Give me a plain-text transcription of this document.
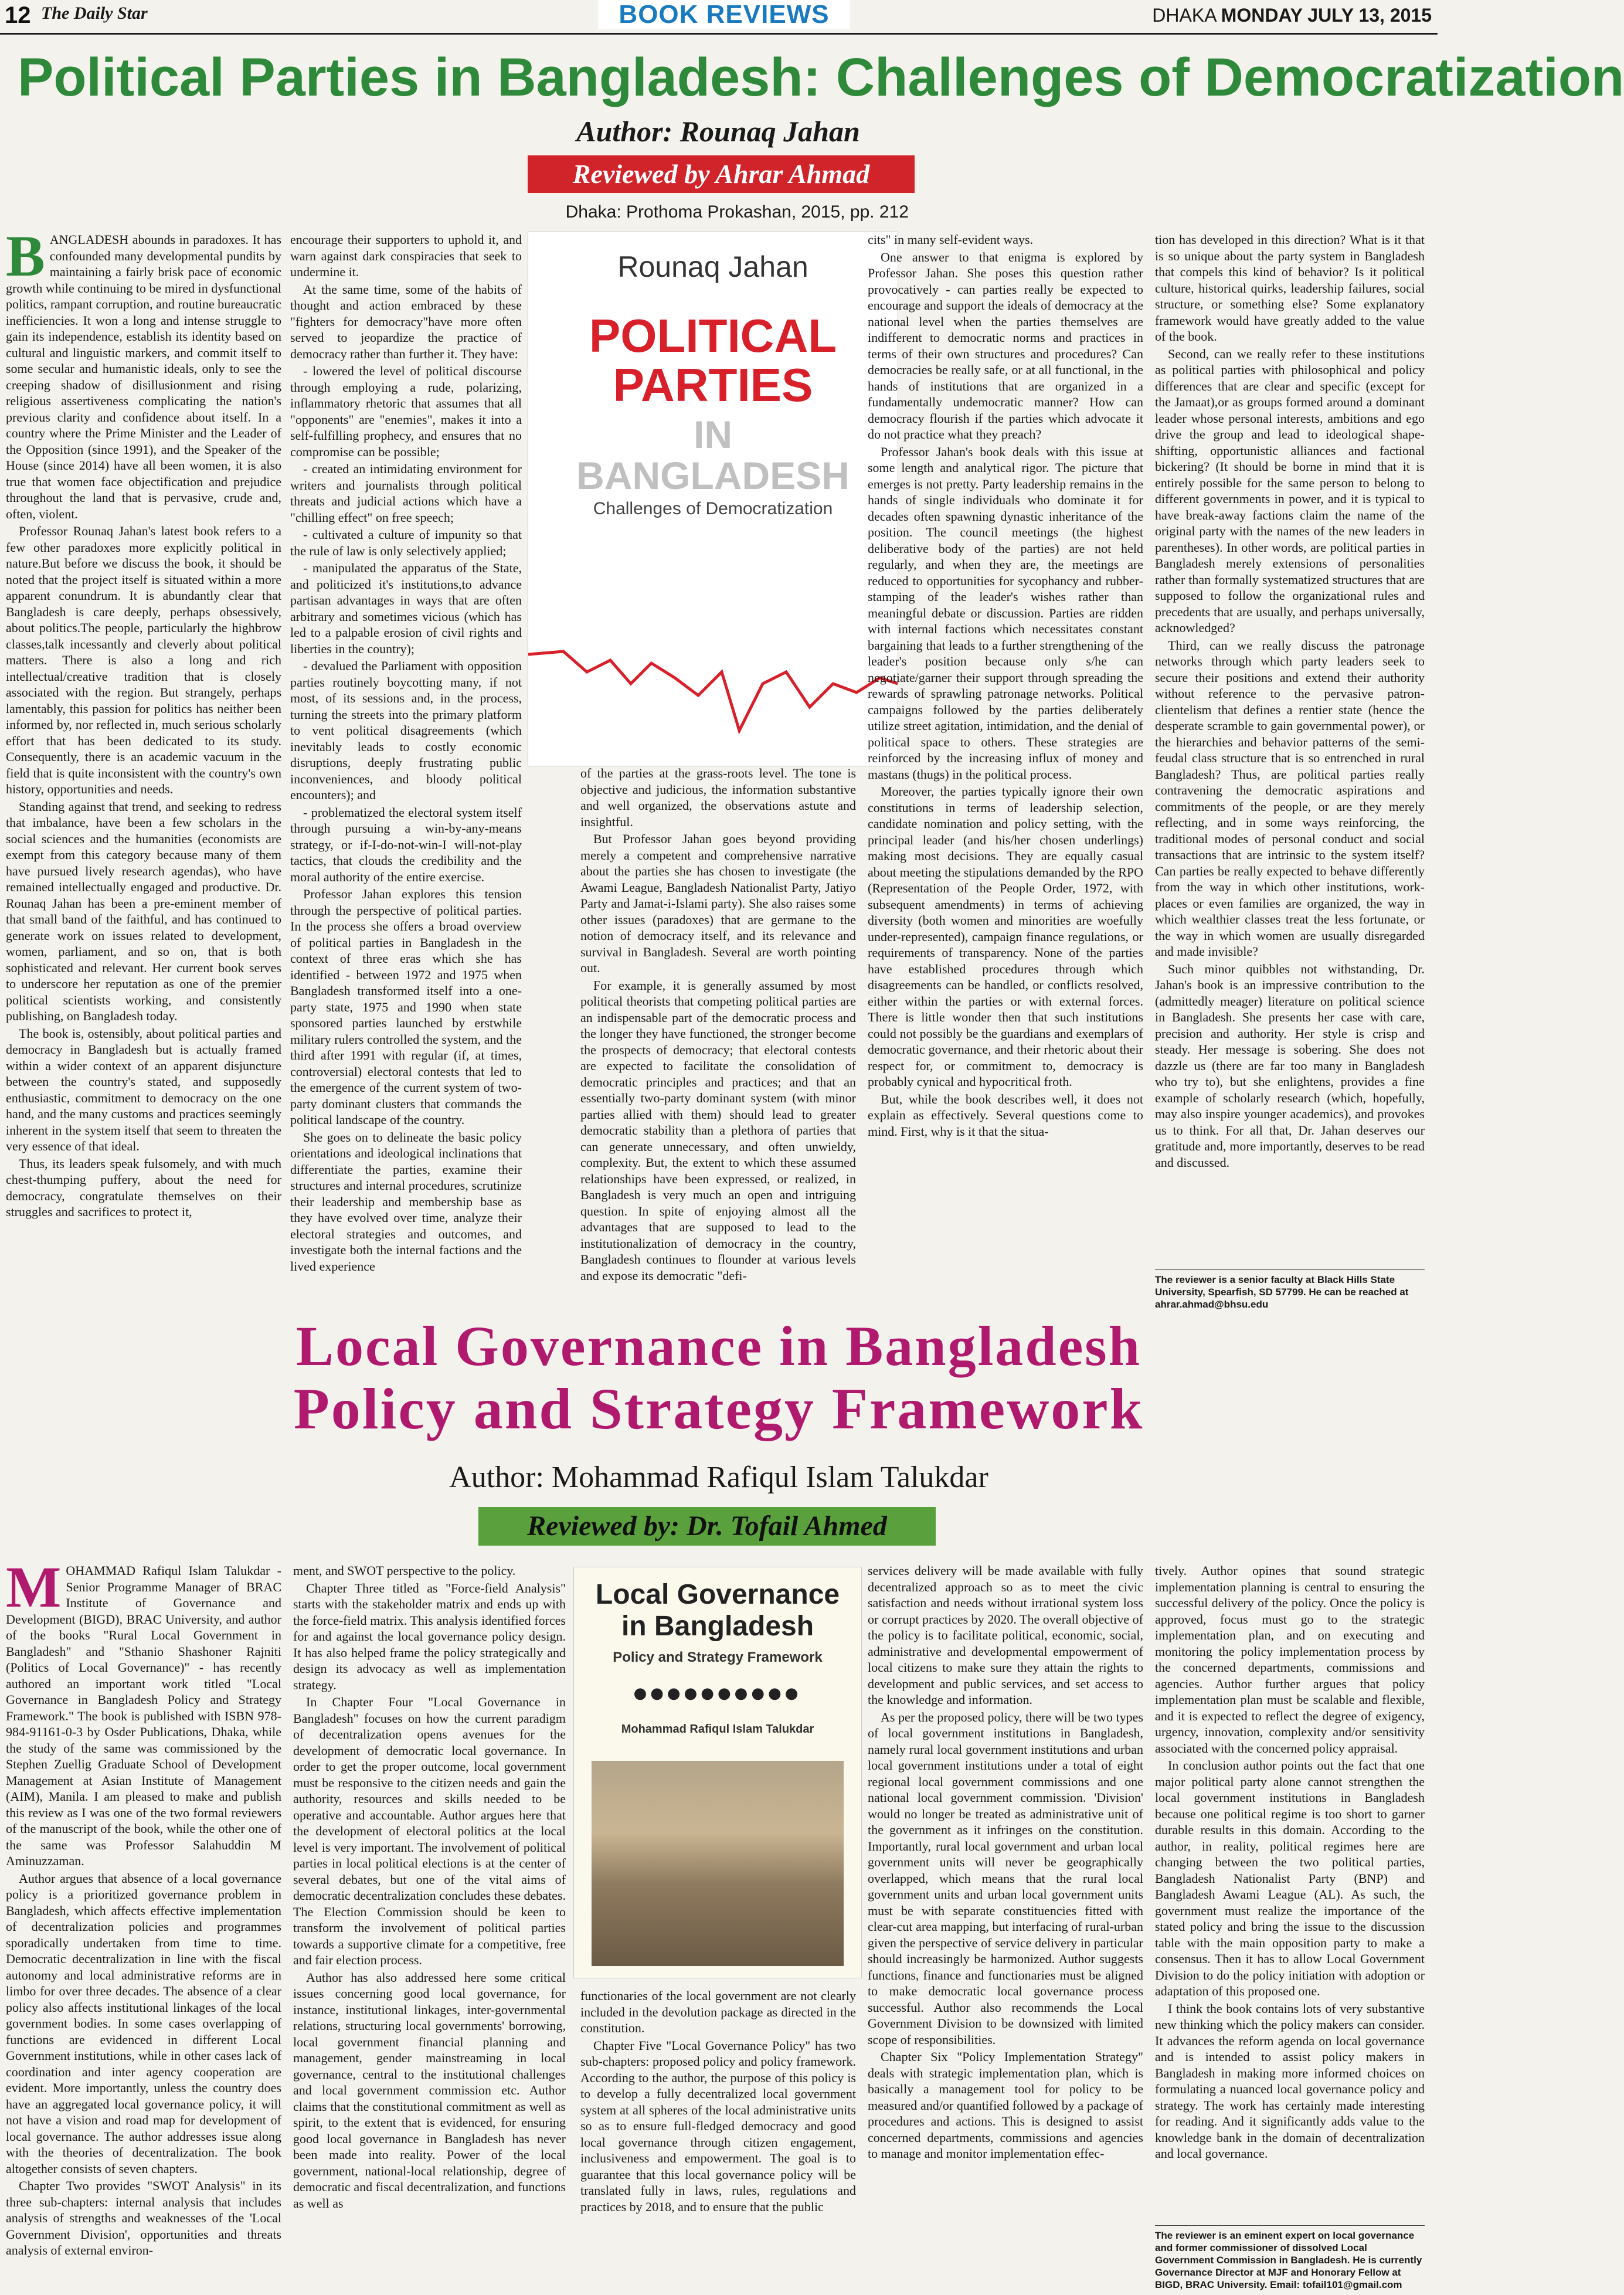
12 The Daily Star	BOOK REVIEWS	DHAKA MONDAY JULY 13, 2015
Political Parties in Bangladesh: Challenges of Democratization
Author: Rounaq Jahan
Reviewed by Ahrar Ahmad
Dhaka: Prothoma Prokashan, 2015, pp. 212
B ANGLADESH abounds in paradoxes. It has confounded many developmental pundits by maintaining a fairly brisk pace of economic growth while continuing to be mired in dysfunctional politics, rampant corruption, and routine bureaucratic inefficiencies. It won a long and intense struggle to gain its independence, establish its identity based on cultural and linguistic markers, and commit itself to some secular and humanistic ideals, only to see the creeping shadow of disillusionment and rising religious assertiveness complicating the nation's previous clarity and confidence about itself. In a country where the Prime Minister and the Leader of the Opposition (since 1991), and the Speaker of the House (since 2014) have all been women, it is also true that women face objectification and prejudice throughout the land that is pervasive, crude and, often, violent.

Professor Rounaq Jahan's latest book refers to a few other paradoxes more explicitly political in nature.But before we discuss the book, it should be noted that the project itself is situated within a more apparent conundrum. It is abundantly clear that Bangladesh is care deeply, perhaps obsessively, about politics.The people, particularly the highbrow classes,talk incessantly and cleverly about political matters. There is also a long and rich intellectual/creative tradition that is closely associated with the region. But strangely, perhaps lamentably, this passion for politics has neither been informed by, nor reflected in, much serious scholarly effort that has been dedicated to its study. Consequently, there is an academic vacuum in the field that is quite inconsistent with the country's own history, opportunities and needs.

Standing against that trend, and seeking to redress that imbalance, have been a few scholars in the social sciences and the humanities (economists are exempt from this category because many of them have pursued lively research agendas), who have remained intellectually engaged and productive. Dr. Rounaq Jahan has been a pre-eminent member of that small band of the faithful, and has continued to generate work on issues related to development, women, parliament, and so on, that is both sophisticated and relevant. Her current book serves to underscore her reputation as one of the premier political scientists working, and consistently publishing, on Bangladesh today.

The book is, ostensibly, about political parties and democracy in Bangladesh but is actually framed within a wider context of an apparent disjuncture between the country's stated, and supposedly enthusiastic, commitment to democracy on the one hand, and the many customs and practices seemingly inherent in the system itself that seem to threaten the very essence of that ideal.

Thus, its leaders speak fulsomely, and with much chest-thumping puffery, about the need for democracy, congratulate themselves on their struggles and sacrifices to protect it,

encourage their supporters to uphold it, and warn against dark conspiracies that seek to undermine it.

At the same time, some of the habits of thought and action embraced by these "fighters for democracy"have more often served to jeopardize the practice of democracy rather than further it. They have:

- lowered the level of political discourse through employing a rude, polarizing, inflammatory rhetoric that assumes that all "opponents" are "enemies", makes it into a self-fulfilling prophecy, and ensures that no compromise can be possible;

- created an intimidating environment for writers and journalists through political threats and judicial actions which have a "chilling effect" on free speech;

- cultivated a culture of impunity so that the rule of law is only selectively applied;

- manipulated the apparatus of the State, and politicized it's institutions,to advance partisan advantages in ways that are often arbitrary and sometimes vicious (which has led to a palpable erosion of civil rights and liberties in the country);

- devalued the Parliament with opposition parties routinely boycotting many, if not most, of its sessions and, in the process, turning the streets into the primary platform to vent political disagreements (which inevitably leads to costly economic disruptions, deeply frustrating public inconveniences, and bloody political encounters); and

- problematized the electoral system itself through pursuing a win-by-any-means strategy, or if-I-do-not-win-I will-not-play tactics, that clouds the credibility and the moral authority of the entire exercise.

Professor Jahan explores this tension through the perspective of political parties. In the process she offers a broad overview of political parties in Bangladesh in the context of three eras which she has identified - between 1972 and 1975 when Bangladesh transformed itself into a one-party state, 1975 and 1990 when state sponsored parties launched by erstwhile military rulers controlled the system, and the third after 1991 with regular (if, at times, controversial) electoral contests that led to the emergence of the current system of two-party dominant clusters that commands the political landscape of the country.

She goes on to delineate the basic policy orientations and ideological inclinations that differentiate the parties, examine their structures and internal procedures, scrutinize their leadership and membership base as they have evolved over time, analyze their electoral strategies and outcomes, and investigate both the internal factions and the lived experience

Rounaq Jahan
POLITICAL
PARTIES
IN
BANGLADESH
Challenges of Democratization

of the parties at the grass-roots level. The tone is objective and judicious, the information substantive and well organized, the observations astute and insightful.

But Professor Jahan goes beyond providing merely a competent and comprehensive narrative about the parties she has chosen to investigate (the Awami League, Bangladesh Nationalist Party, Jatiyo Party and Jamat-i-Islami party). She also raises some other issues (paradoxes) that are germane to the notion of democracy itself, and its relevance and survival in Bangladesh. Several are worth pointing out.

For example, it is generally assumed by most political theorists that competing political parties are an indispensable part of the democratic process and the longer they have functioned, the stronger become the prospects of democracy; that electoral contests are expected to facilitate the consolidation of democratic principles and practices; and that an essentially two-party dominant system (with minor parties allied with them) should lead to greater democratic stability than a plethora of parties that can generate unnecessary, and often unwieldy, complexity. But, the extent to which these assumed relationships have been expressed, or realized, in Bangladesh is very much an open and intriguing question. In spite of enjoying almost all the advantages that are supposed to lead to the institutionalization of democracy in the country, Bangladesh continues to flounder at various levels and expose its democratic "defi-

cits" in many self-evident ways.

One answer to that enigma is explored by Professor Jahan. She poses this question rather provocatively - can parties really be expected to encourage and support the ideals of democracy at the national level when the parties themselves are indifferent to democratic norms and practices in terms of their own structures and procedures? Can democracies be really safe, or at all functional, in the hands of institutions that are organized in a fundamentally undemocratic manner? How can democracy flourish if the parties which advocate it do not practice what they preach?

Professor Jahan's book deals with this issue at some length and analytical rigor. The picture that emerges is not pretty. Party leadership remains in the hands of single individuals who dominate it for decades often spawning dynastic inheritance of the position. The council meetings (the highest deliberative body of the parties) are not held regularly, and when they are, the meetings are reduced to opportunities for sycophancy and rubber-stamping of the leader's wishes rather than meaningful debate or discussion. Parties are ridden with internal factions which necessitates constant bargaining that leads to a further strengthening of the leader's position because only s/he can negotiate/garner their support through spreading the rewards of sprawling patronage networks. Political campaigns followed by the parties deliberately utilize street agitation, intimidation, and the denial of political space to others. These strategies are reinforced by the increasing influx of money and mastans (thugs) in the political process.

Moreover, the parties typically ignore their own constitutions in terms of leadership selection, candidate nomination and policy setting, with the principal leader (and his/her chosen underlings) making most decisions. They are equally casual about meeting the stipulations demanded by the RPO (Representation of the People Order, 1972, with subsequent amendments) in terms of achieving diversity (both women and minorities are woefully under-represented), campaign finance regulations, or requirements of transparency. None of the parties have established procedures through which disagreements can be handled, or conflicts resolved, either within the parties or with external forces. There is little wonder then that such institutions could not possibly be the guardians and exemplars of democratic governance, and their rhetoric about their respect for, or commitment to, democracy is probably cynical and hypocritical froth.

But, while the book describes well, it does not explain as effectively. Several questions come to mind. First, why is it that the situa-

tion has developed in this direction? What is it that is so unique about the party system in Bangladesh that compels this kind of behavior? Is it political culture, historical quirks, leadership failures, social structure, or something else? Some explanatory framework would have greatly added to the value of the book.

Second, can we really refer to these institutions as political parties with philosophical and policy differences that are clear and specific (except for the Jamaat),or as groups formed around a dominant leader whose personal interests, ambitions and ego drive the group and lead to ideological shape-shifting, opportunistic alliances and factional bickering? (It should be borne in mind that it is entirely possible for the same person to belong to different governments in power, and it is typical to have break-away factions claim the name of the original party with the names of the new leaders in parentheses). In other words, are political parties in Bangladesh merely extensions of personalities rather than formally systematized structures that are supposed to follow the organizational rules and precedents that are usually, and perhaps universally, acknowledged?

Third, can we really discuss the patronage networks through which party leaders seek to secure their positions and extend their authority without reference to the pervasive patron-clientelism that defines a rentier state (hence the desperate scramble to gain governmental power), or the hierarchies and behavior patterns of the semi-feudal class structure that is so entrenched in rural Bangladesh? Thus, are political parties really contravening the democratic aspirations and commitments of the people, or are they merely reflecting, and in some ways reinforcing, the traditional modes of personal conduct and social transactions that are intrinsic to the system itself? Can parties be really expected to behave differently from the way in which other institutions, work-places or even families are organized, the way in which wealthier classes treat the less fortunate, or the way in which women are usually disregarded and made invisible?

Such minor quibbles not withstanding, Dr. Jahan's book is an impressive contribution to the (admittedly meager) literature on political science in Bangladesh. She presents her case with care, precision and authority. Her style is crisp and steady. Her message is sobering. She does not dazzle us (there are far too many in Bangladesh who try to), but she enlightens, provides a fine example of scholarly research (which, hopefully, may also inspire younger academics), and provokes us to think. For all that, Dr. Jahan deserves our gratitude and, more importantly, deserves to be read and discussed.

The reviewer is a senior faculty at Black Hills State University, Spearfish, SD 57799. He can be reached at ahrar.ahmad@bhsu.edu
Local Governance in Bangladesh
Policy and Strategy Framework
Author: Mohammad Rafiqul Islam Talukdar
Reviewed by: Dr. Tofail Ahmed
M OHAMMAD Rafiqul Islam Talukdar - Senior Programme Manager of BRAC Institute of Governance and Development (BIGD), BRAC University, and author of the books "Rural Local Government in Bangladesh" and "Sthanio Shashoner Rajniti (Politics of Local Governance)" - has recently authored an important work titled "Local Governance in Bangladesh Policy and Strategy Framework." The book is published with ISBN 978-984-91161-0-3 by Osder Publications, Dhaka, while the study of the same was commissioned by the Stephen Zuellig Graduate School of Development Management at Asian Institute of Management (AIM), Manila. I am pleased to make and publish this review as I was one of the two formal reviewers of the manuscript of the book, while the other one of the same was Professor Salahuddin M Aminuzzaman.

Author argues that absence of a local governance policy is a prioritized governance problem in Bangladesh, which affects effective implementation of decentralization policies and programmes sporadically undertaken from time to time. Democratic decentralization in line with the fiscal autonomy and local administrative reforms are in limbo for over three decades. The absence of a clear policy also affects institutional linkages of the local government bodies. In some cases overlapping of functions are evidenced in different Local Government institutions, while in other cases lack of coordination and inter agency cooperation are evident. More importantly, unless the country does have an aggregated local governance policy, it will not have a vision and road map for development of local governance. The author addresses issue along with the theories of decentralization. The book altogether consists of seven chapters.

Chapter Two provides "SWOT Analysis" in its three sub-chapters: internal analysis that includes analysis of strengths and weaknesses of the 'Local Government Division', opportunities and threats analysis of external environ-

ment, and SWOT perspective to the policy.

Chapter Three titled as "Force-field Analysis" starts with the stakeholder matrix and ends up with the force-field matrix. This analysis identified forces for and against the local governance policy design. It has also helped frame the policy strategically and design its advocacy as well as implementation strategy.

In Chapter Four "Local Governance in Bangladesh" focuses on how the current paradigm of decentralization opens avenues for the development of democratic local governance. In order to get the proper outcome, local government must be responsive to the citizen needs and gain the authority, resources and skills needed to be operative and accountable. Author argues here that the development of electoral politics at the local level is very important. The involvement of political parties in local political elections is at the center of several debates, but one of the vital aims of democratic decentralization concludes these debates. The Election Commission should be keen to transform the involvement of political parties towards a supportive climate for a competitive, free and fair election process.

Author has also addressed here some critical issues concerning good local governance, for instance, institutional linkages, inter-governmental relations, structuring local governments' borrowing, local government financial planning and management, gender mainstreaming in local governance, central to the institutional challenges and local government commission etc. Author claims that the constitutional commitment as well as spirit, to the extent that is evidenced, for ensuring good local governance in Bangladesh has never been made into reality. Power of the local government, national-local relationship, degree of democratic and fiscal decentralization, and functions as well as

Local Governance
in Bangladesh
Policy and Strategy Framework
●●●●●●●●●●
Mohammad Rafiqul Islam Talukdar

functionaries of the local government are not clearly included in the devolution package as directed in the constitution.

Chapter Five "Local Governance Policy" has two sub-chapters: proposed policy and policy framework. According to the author, the purpose of this policy is to develop a fully decentralized local government system at all spheres of the local administrative units so as to ensure full-fledged democracy and good local governance through citizen engagement, inclusiveness and empowerment. The goal is to guarantee that this local governance policy will be translated fully in laws, rules, regulations and practices by 2018, and to ensure that the public

services delivery will be made available with fully decentralized approach so as to meet the civic satisfaction and needs without irrational system loss or corrupt practices by 2020. The overall objective of the policy is to facilitate political, economic, social, administrative and developmental empowerment of local citizens to make sure they attain the rights to development and public services, and set access to the knowledge and information.

As per the proposed policy, there will be two types of local government institutions in Bangladesh, namely rural local government institutions and urban local government institutions under a total of eight regional local government commissions and one national local government commission. 'Division' would no longer be treated as administrative unit of the government as it infringes on the constitution. Importantly, rural local government and urban local government units will never be geographically overlapped, which means that the rural local government units and urban local government units must be with separate constituencies fitted with clear-cut area mapping, but interfacing of rural-urban given the perspective of service delivery in particular should increasingly be harmonized. Author suggests functions, finance and functionaries must be aligned to make democratic local governance process successful. Author also recommends the Local Government Division to be downsized with limited scope of responsibilities.

Chapter Six "Policy Implementation Strategy" deals with strategic implementation plan, which is basically a management tool for policy to be measured and/or quantified followed by a package of procedures and actions. This is designed to assist concerned departments, commissions and agencies to manage and monitor implementation effec-

tively. Author opines that sound strategic implementation planning is central to ensuring the successful delivery of the policy. Once the policy is approved, focus must go to the strategic implementation plan, and on executing and monitoring the policy implementation process by the concerned departments, commissions and agencies. Author further argues that policy implementation plan must be scalable and flexible, and it is expected to reflect the degree of exigency, urgency, innovation, complexity and/or sensitivity associated with the concerned policy appraisal.

In conclusion author points out the fact that one major political party alone cannot strengthen the local government institutions in Bangladesh because one political regime is too short to garner durable results in this domain. According to the author, in reality, political regimes here are changing between the two political parties, Bangladesh Nationalist Party (BNP) and Bangladesh Awami League (AL). As such, the government must realize the importance of the stated policy and bring the issue to the discussion table with the main opposition party to make a consensus. Then it has to allow Local Government Division to do the policy initiation with adoption or adaptation of this proposed one.

I think the book contains lots of very substantive new thinking which the policy makers can consider. It advances the reform agenda on local governance and is intended to assist policy makers in Bangladesh in making more informed choices on formulating a nuanced local governance policy and strategy. The work has certainly made interesting for reading. And it significantly adds value to the knowledge bank in the domain of decentralization and local governance.

The reviewer is an eminent expert on local governance and former commissioner of dissolved Local Government Commission in Bangladesh. He is currently Governance Director at MJF and Honorary Fellow at BIGD, BRAC University. Email: tofail101@gmail.com
